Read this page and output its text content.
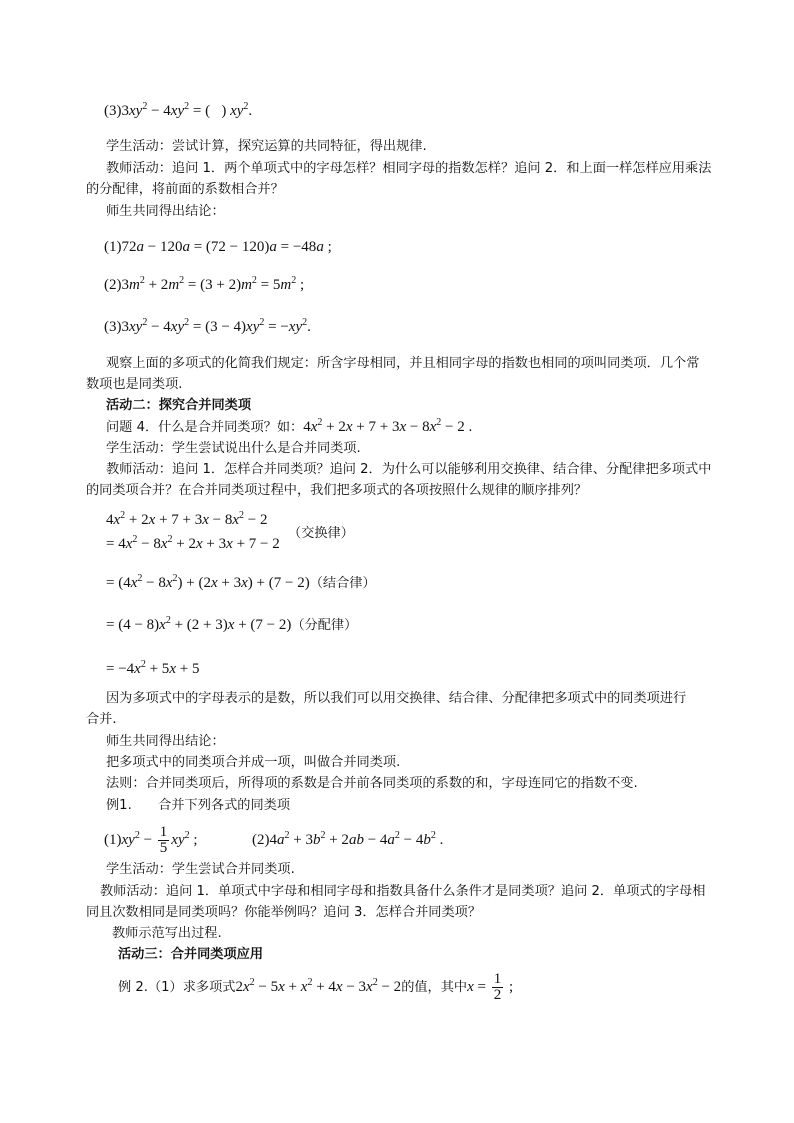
$(3)3xy^2 - 4xy^2$ = (   ) $xy^2$.
学生活动：尝试计算，探究运算的共同特征，得出规律.
教师活动：追问 1．两个单项式中的字母怎样？相同字母的指数怎样？追问 2．和上面一样怎样应用乘法
的分配律，将前面的系数相合并？
师生共同得出结论：
(1)72a − 120a = (72 − 120)a = −48a ;
$(2)3m^2 + 2m^2 = (3 + 2)m^2 = 5m^2$ ;
$(3)3xy^2 - 4xy^2 = (3 - 4)xy^2 = -xy^2$.
观察上面的多项式的化简我们规定：所含字母相同，并且相同字母的指数也相同的项叫同类项．几个常
数项也是同类项.
活动二：探究合并同类项
问题 4．什么是合并同类项？如：$4x^2 + 2x + 7 + 3x - 8x^2 - 2$ .
学生活动：学生尝试说出什么是合并同类项.
教师活动：追问 1．怎样合并同类项？追问 2．为什么可以能够利用交换律、结合律、分配律把多项式中
的同类项合并？在合并同类项过程中，我们把多项式的各项按照什么规律的顺序排列？
$4x^2 + 2x + 7 + 3x - 8x^2 - 2$
= $4x^2 - 8x^2 + 2x + 3x + 7 - 2$
（交换律）
= $(4x^2 - 8x^2) + (2x + 3x) + (7 - 2)$（结合律）
= $(4 - 8)x^2 + (2 + 3)x + (7 - 2)$（分配律）
= $-4x^2 + 5x + 5$
因为多项式中的字母表示的是数，所以我们可以用交换律、结合律、分配律把多项式中的同类项进行
合并.
师生共同得出结论：
把多项式中的同类项合并成一项，叫做合并同类项.
法则：合并同类项后，所得项的系数是合并前各同类项的系数的和，字母连同它的指数不变.
例1.　　合并下列各式的同类项
$(1)xy^2 - \frac{1}{5} xy^2$ ;	$(2)4a^2 + 3b^2 + 2ab - 4a^2 - 4b^2$ .
学生活动：学生尝试合并同类项.
教师活动：追问 1．单项式中字母和相同字母和指数具备什么条件才是同类项？追问 2．单项式的字母相
同且次数相同是同类项吗？你能举例吗？追问 3．怎样合并同类项？
教师示范写出过程.
活动三：合并同类项应用
例 2.（1）求多项式$2x^2 - 5x + x^2 + 4x - 3x^2 - 2$的值，其中$x = \frac{1}{2}$ ;
